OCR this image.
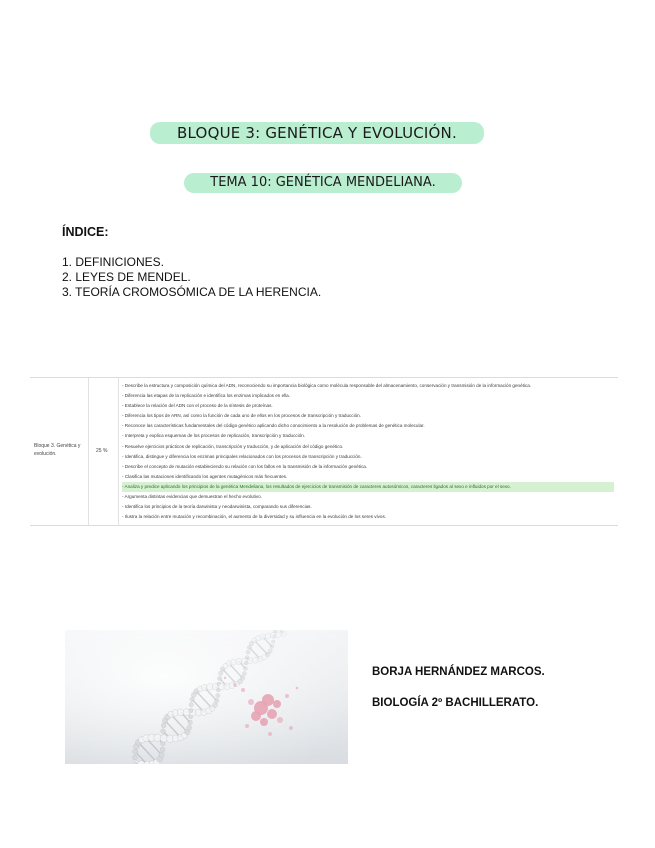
BLOQUE 3: GENÉTICA Y EVOLUCIÓN.
TEMA 10: GENÉTICA MENDELIANA.
ÍNDICE:
1. DEFINICIONES.
2. LEYES DE MENDEL.
3. TEORÍA CROMOSÓMICA DE LA HERENCIA.
Bloque 3. Genética y evolución.	25 %
- Describe la estructura y composición química del ADN, reconociendo su importancia biológica como molécula responsable del almacenamiento, conservación y transmisión de la información genética.
- Diferencia las etapas de la replicación e identifica los enzimas implicados en ella.
- Establece la relación del ADN con el proceso de la síntesis de proteínas.
- Diferencia los tipos de ARN, así como la función de cada uno de ellos en los procesos de transcripción y traducción.
- Reconoce las características fundamentales del código genético aplicando dicho conocimiento a la resolución de problemas de genética molecular.
- Interpreta y explica esquemas de los procesos de replicación, transcripción y traducción.
- Resuelve ejercicios prácticos de replicación, transcripción y traducción, y de aplicación del código genético.
- Identifica, distingue y diferencia los enzimas principales relacionados con los procesos de transcripción y traducción.
- Describe el concepto de mutación estableciendo su relación con los fallos en la transmisión de la información genética.
- Clasifica las mutaciones identificando los agentes mutagénicos más frecuentes.
- Analiza y predice aplicando los principios de la genética Mendeliana, los resultados de ejercicios de transmisión de caracteres autosómicos, caracteres ligados al sexo e influidos por el sexo.
- Argumenta distintas evidencias que demuestran el hecho evolutivo.
- Identifica los principios de la teoría darwinista y neodarwinista, comparando sus diferencias.
- Ilustra la relación entre mutación y recombinación, el aumento de la diversidad y su influencia en la evolución de los seres vivos.
BORJA HERNÁNDEZ MARCOS.
BIOLOGÍA 2º BACHILLERATO.
